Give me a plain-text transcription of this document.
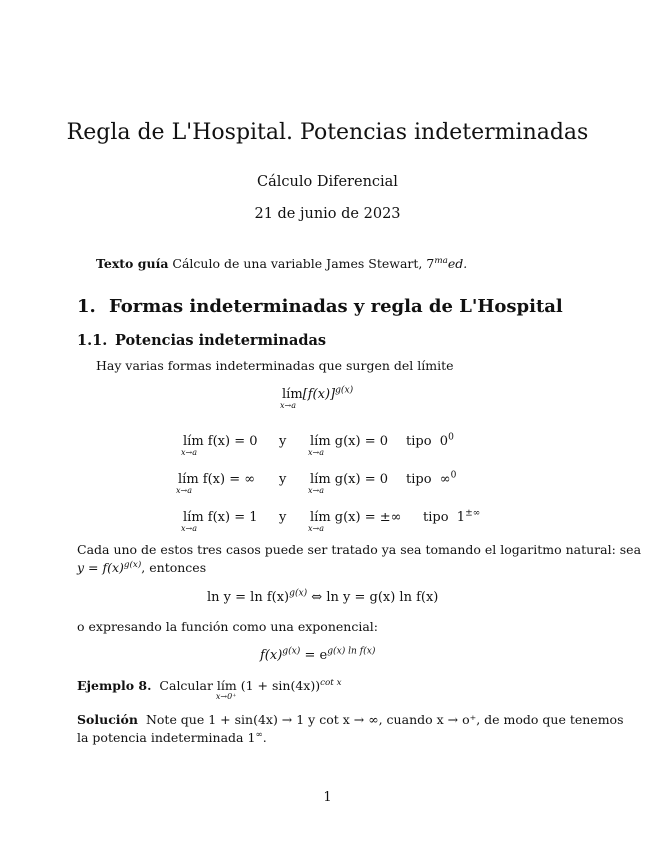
Regla de L'Hospital. Potencias indeterminadas
Cálculo Diferencial
21 de junio de 2023
Texto guía Cálculo de una variable James Stewart, $7^{ma}ed$.
1. Formas indeterminadas y regla de L'Hospital
1.1. Potencias indeterminadas
Hay varias formas indeterminadas que surgen del límite
lím
x→a
$[f(x)]^{g(x)}$
lím f(x) = 0
x→a
y lím g(x) = 0
x→a
tipo $0^0$
lím f(x) = ∞
x→a
y lím g(x) = 0
x→a
tipo ∞$^0$
lím f(x) = 1
x→a
y lím g(x) = ±∞
x→a
tipo 1±∞
Cada uno de estos tres casos puede ser tratado ya sea tomando el logaritmo natural: sea
$y = f(x)^{g(x)}$, entonces
$\ln y = \ln f(x)^{g(x)}$ ⇔ ln y = g(x) ln f(x)
o expresando la función como una exponencial:
$f(x)^{g(x)} = e^{g(x) ln f(x)}$
Ejemplo 8. Calcular lím
x→0⁺
$(1 + \sin(4x))^{cot x}$
Solución Note que 1 + sin(4x) → 1 y cot x → ∞, cuando x → o⁺, de modo que tenemos
la potencia indeterminada 1∞.
1
